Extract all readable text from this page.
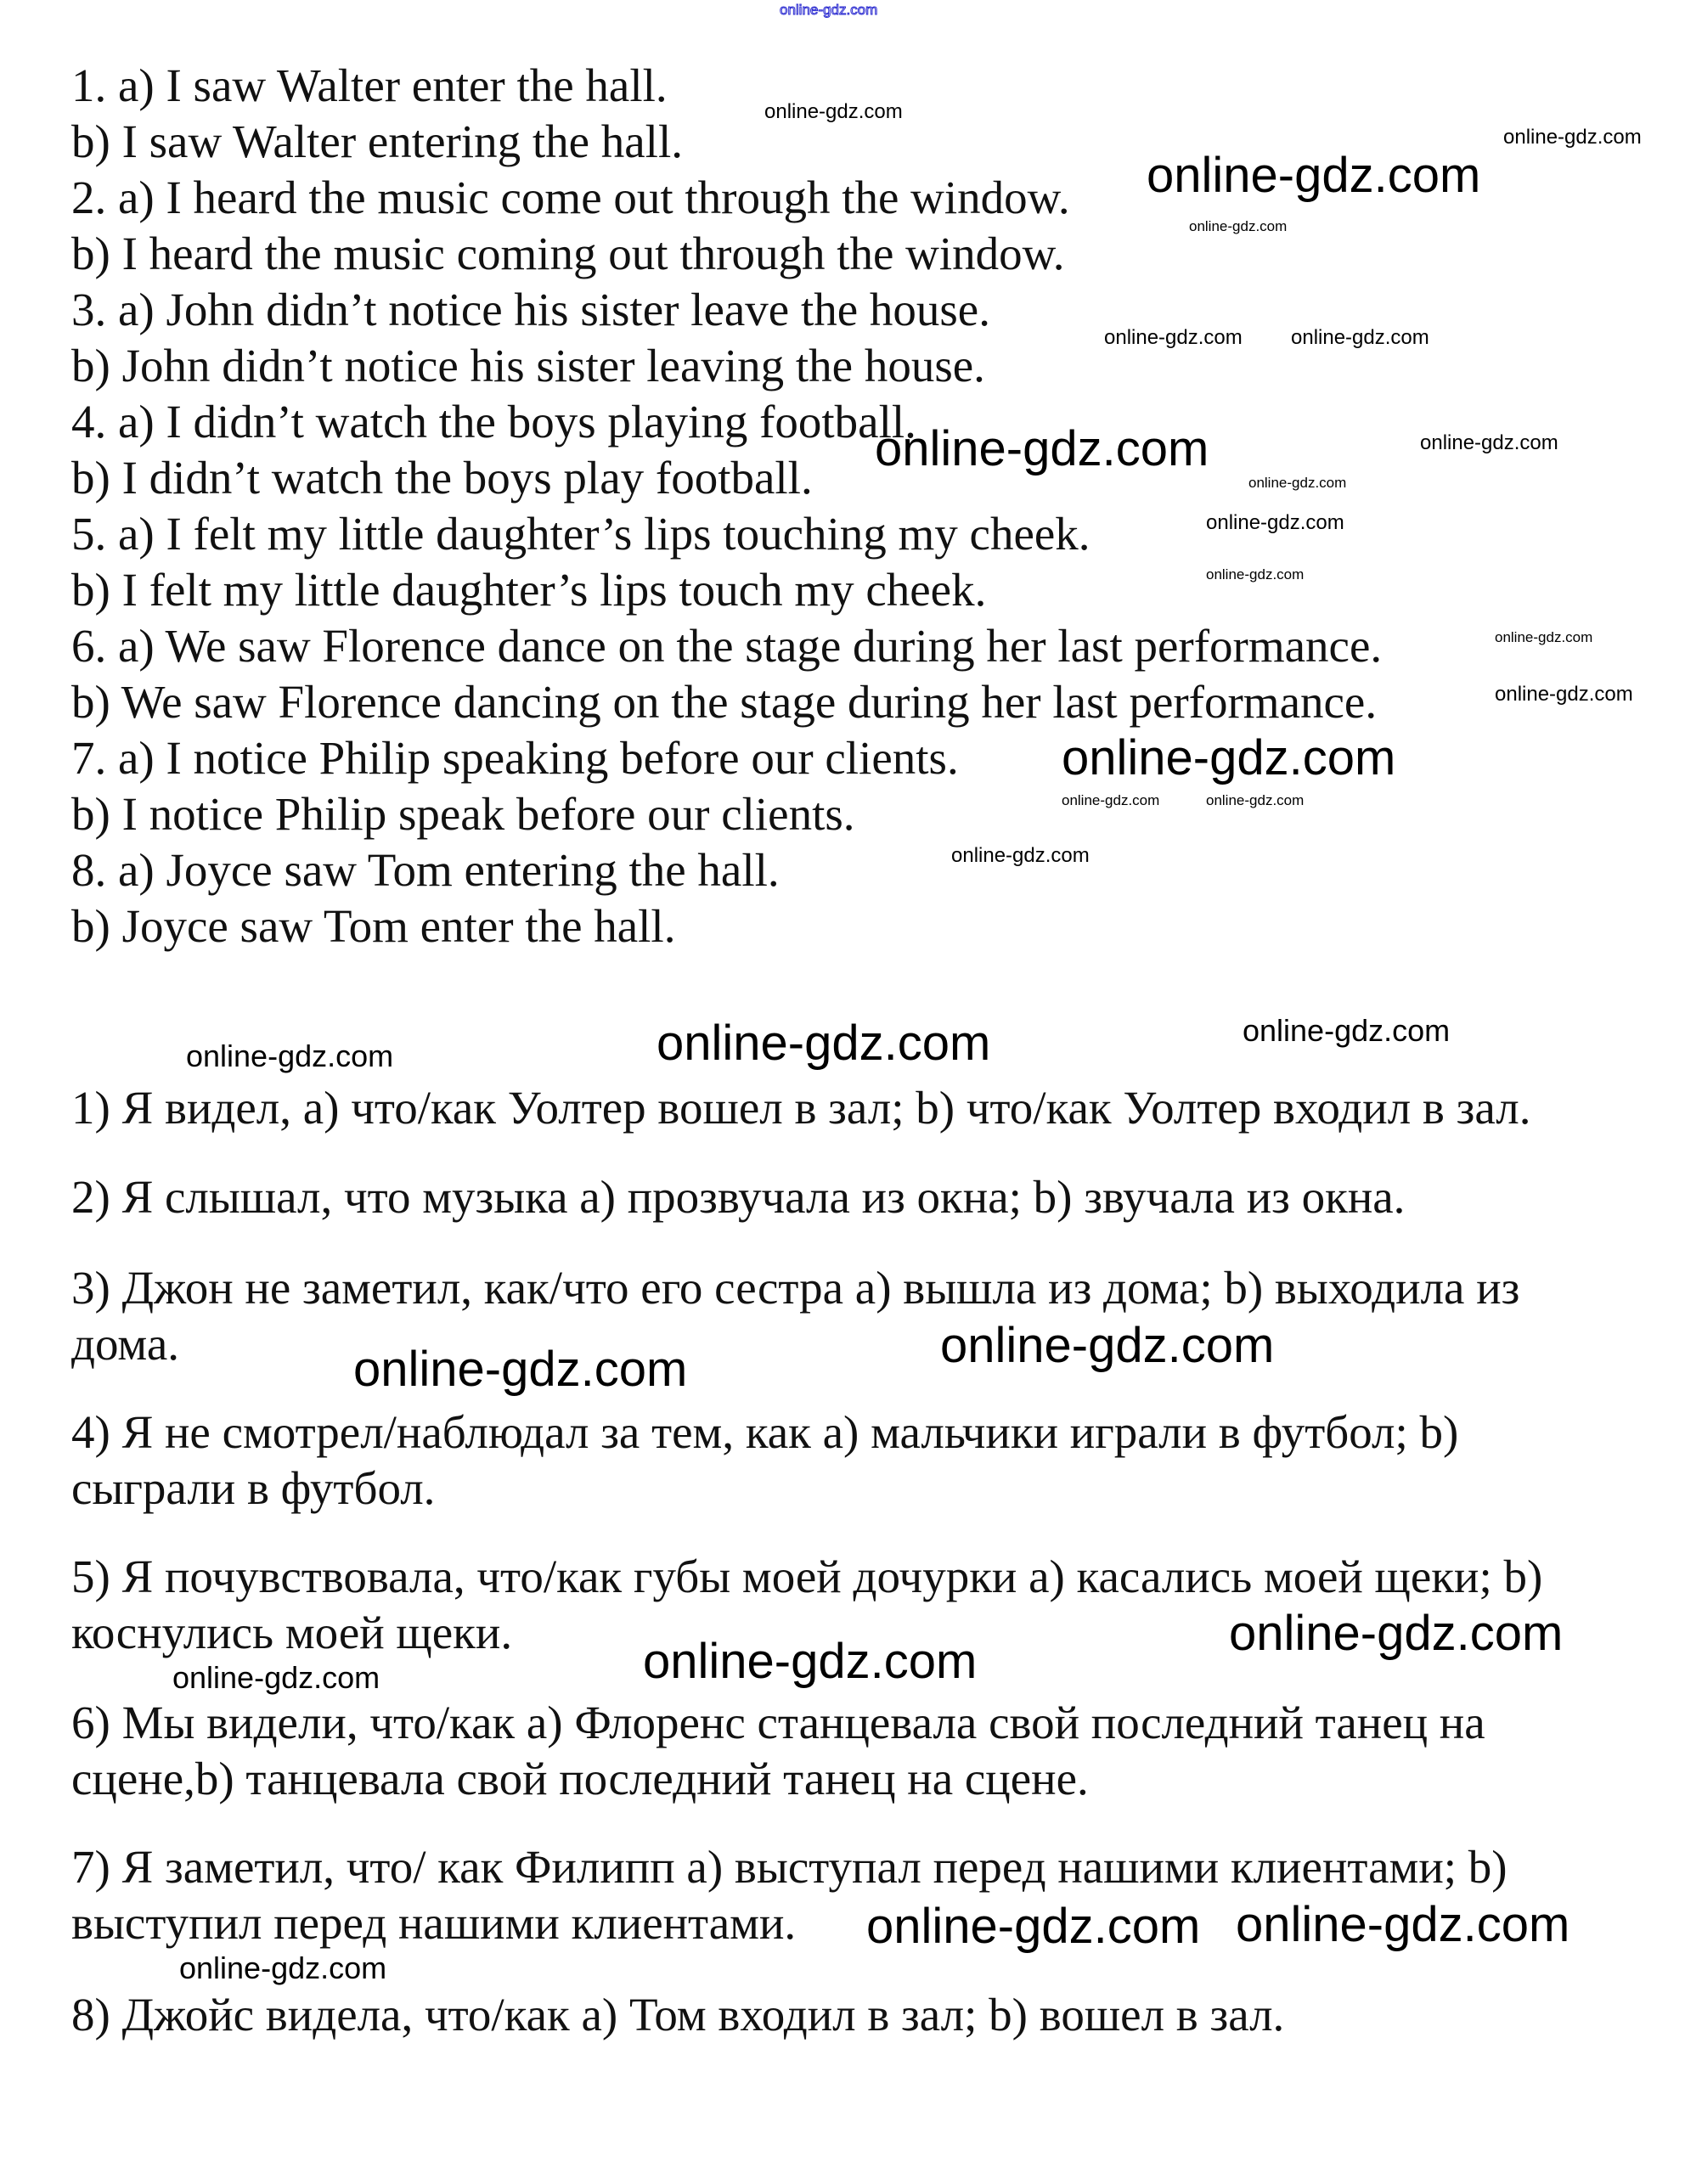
online-gdz.com
1. a) I saw Walter enter the hall.
b) I saw Walter entering the hall.
2. a) I heard the music come out through the window.
b) I heard the music coming out through the window.
3. a) John didn’t notice his sister leave the house.
b) John didn’t notice his sister leaving the house.
4. a) I didn’t watch the boys playing football.
b) I didn’t watch the boys play football.
5. a) I felt my little daughter’s lips touching my cheek.
b) I felt my little daughter’s lips touch my cheek.
6. a) We saw Florence dance on the stage during her last performance.
b) We saw Florence dancing on the stage during her last performance.
7. a) I notice Philip speaking before our clients.
b) I notice Philip speak before our clients.
8. a) Joyce saw Tom entering the hall.
b) Joyce saw Tom enter the hall.
1) Я видел, а) что/как Уолтер вошел в зал; b) что/как Уолтер входил в зал.
2) Я слышал, что музыка а) прозвучала из окна; b) звучала из окна.
3) Джон не заметил, как/что его сестра а) вышла из дома; b) выходила из
дома.
4) Я не смотрел/наблюдал за тем, как а) мальчики играли в футбол; b)
сыграли в футбол.
5) Я почувствовала, что/как губы моей дочурки а) касались моей щеки; b)
коснулись моей щеки.
6) Мы видели, что/как а) Флоренс станцевала свой последний танец на
сцене,b) танцевала свой последний танец на сцене.
7) Я заметил, что/ как Филипп а) выступал перед нашими клиентами; b)
выступил перед нашими клиентами.
8) Джойс видела, что/как а) Том входил в зал; b) вошел в зал.
online-gdz.com
online-gdz.com
online-gdz.com
online-gdz.com
online-gdz.com online-gdz.com
online-gdz.com
online-gdz.com	online-gdz.com
online-gdz.com
online-gdz.com
online-gdz.com
online-gdz.com
online-gdz.com
online-gdz.com	online-gdz.com
online-gdz.com
online-gdz.com
online-gdz.com	online-gdz.com
online-gdz.com
online-gdz.com
online-gdz.com
online-gdz.com
online-gdz.com
online-gdz.com
online-gdz.com
online-gdz.com
